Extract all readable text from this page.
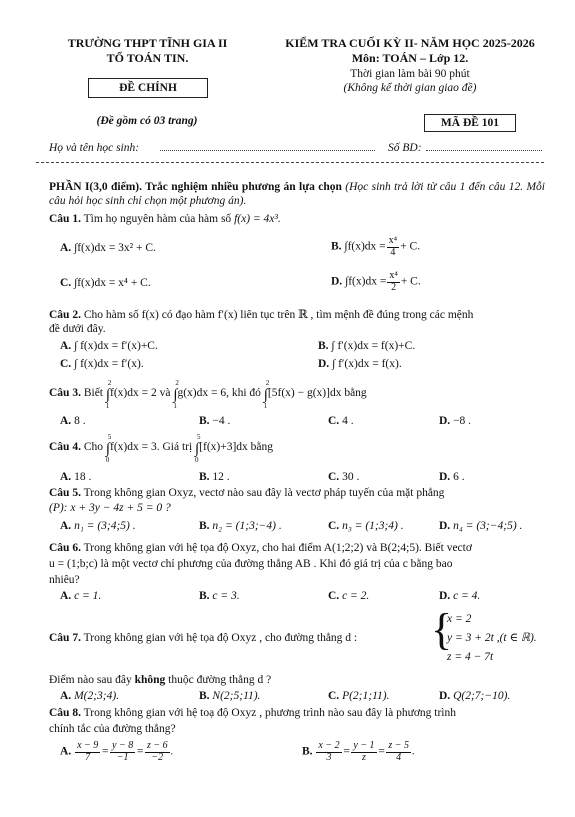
TRƯỜNG THPT TĨNH GIA II
TỔ TOÁN TIN.
ĐỀ CHÍNH
(Đề gồm có 03 trang)
KIỂM TRA CUỐI KỲ II- NĂM HỌC 2025-2026
Môn: TOÁN – Lớp 12.
Thời gian làm bài 90 phút
(Không kể thời gian giao đề)
MÃ ĐỀ 101
Họ và tên học sinh:	Số BD:
PHẦN I(3,0 điểm). Trắc nghiệm nhiều phương án lựa chọn (Học sinh trả lời từ câu 1 đến câu 12. Mỗi câu hỏi học sinh chỉ chọn một phương án).
Câu 1. Tìm họ nguyên hàm của hàm số f(x) = 4x³.
A. ∫f(x)dx = 3x² + C.	B. $\int f(x)dx = \frac{\text{x⁴}}{4} + C$.
C. ∫f(x)dx = x⁴ + C.	D. $\int f(x)dx = \frac{\text{x⁴}}{2} + C$.
Câu 2. Cho hàm số f(x) có đạo hàm f′(x) liên tục trên ℝ , tìm mệnh đề đúng trong các mệnh
đề dưới đây.
A. ∫ f(x)dx = f′(x)+C.	B. ∫ f′(x)dx = f(x)+C.
C. ∫ f(x)dx = f′(x).	D. ∫ f′(x)dx = f(x).
Câu 3. Biết ∫
2
1
f(x)dx = 2 và ∫
2
1
g(x)dx = 6, khi đó ∫
2
1
[5f(x) − g(x)]dx bằng
A. 8 .	B. −4 .	C. 4 .	D. −8 .
Câu 4. Cho ∫
5
0
f(x)dx = 3. Giá trị ∫
5
0
[f(x)+3]dx bằng
A. 18 .	B. 12 .	C. 30 .	D. 6 .
Câu 5. Trong không gian Oxyz, vectơ nào sau đây là vectơ pháp tuyến của mặt phẳng
(P): x + 3y − 4z + 5 = 0 ?
A. n₁ = (3;4;5) .	B. n₂ = (1;3;−4) .	C. n₃ = (1;3;4) .	D. n₄ = (3;−4;5) .
Câu 6. Trong không gian với hệ tọa độ Oxyz, cho hai điểm A(1;2;2) và B(2;4;5). Biết vectơ
u = (1;b;c) là một vectơ chỉ phương của đường thẳng AB . Khi đó giá trị của c bằng bao
nhiêu?
A. c = 1.	B. c = 3.	C. c = 2.	D. c = 4.
Câu 7. Trong không gian với hệ tọa độ Oxyz , cho đường thẳng d : {
x = 2
y = 3 + 2t ,(t ∈ ℝ).
z = 4 − 7t
Điểm nào sau đây không thuộc đường thẳng d ?
A. M(2;3;4).	B. N(2;5;11).	C. P(2;1;11).	D. Q(2;7;−10).
Câu 8. Trong không gian với hệ toạ độ Oxyz , phương trình nào sau đây là phương trình
chính tắc của đường thẳng?
A. $\frac{x - 9}{7} = \frac{y - 8}{-1} = \frac{z - 6}{-2}$ .	B. $\frac{x - 2}{3} = \frac{y - 1}{z} = \frac{z - 5}{4}$ .
